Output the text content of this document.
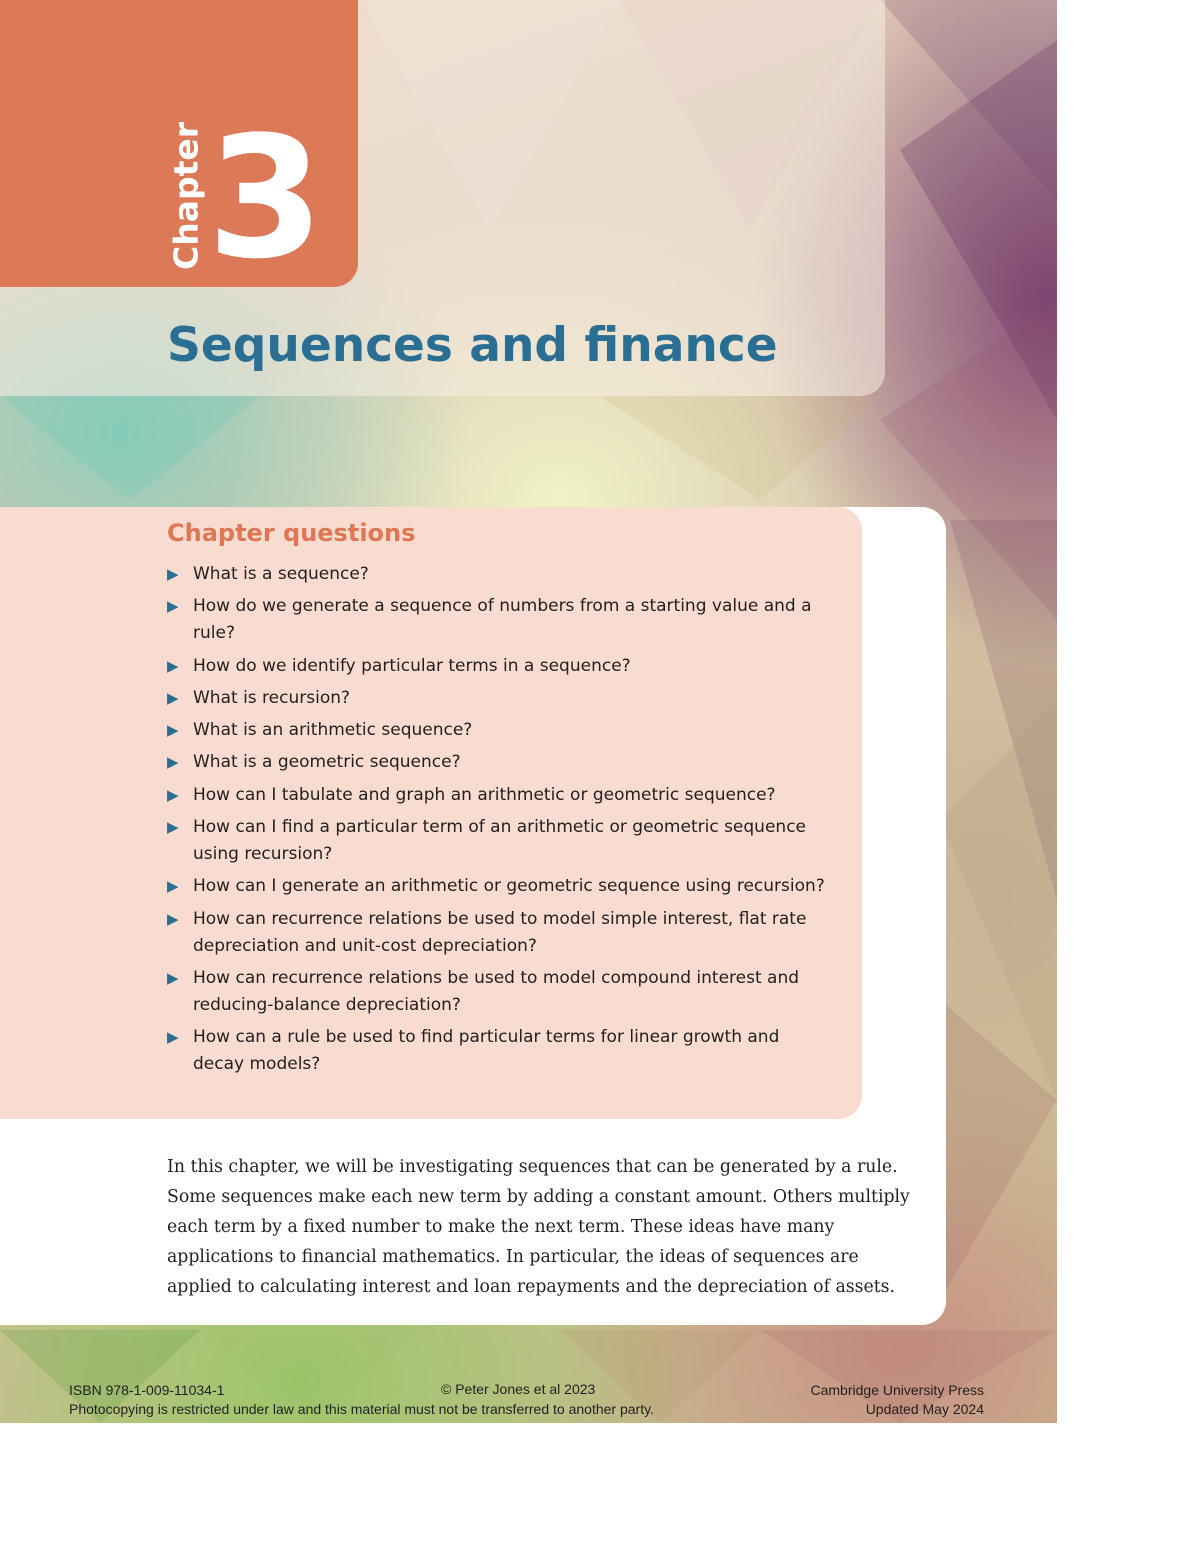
Chapter 3
Sequences and finance
Chapter questions
▶ What is a sequence?
▶ How do we generate a sequence of numbers from a starting value and a rule?
▶ How do we identify particular terms in a sequence?
▶ What is recursion?
▶ What is an arithmetic sequence?
▶ What is a geometric sequence?
▶ How can I tabulate and graph an arithmetic or geometric sequence?
▶ How can I find a particular term of an arithmetic or geometric sequence using recursion?
▶ How can I generate an arithmetic or geometric sequence using recursion?
▶ How can recurrence relations be used to model simple interest, flat rate depreciation and unit-cost depreciation?
▶ How can recurrence relations be used to model compound interest and reducing-balance depreciation?
▶ How can a rule be used to find particular terms for linear growth and decay models?

In this chapter, we will be investigating sequences that can be generated by a rule. Some sequences make each new term by adding a constant amount. Others multiply each term by a fixed number to make the next term. These ideas have many applications to financial mathematics. In particular, the ideas of sequences are applied to calculating interest and loan repayments and the depreciation of assets.

ISBN 978-1-009-11034-1	© Peter Jones et al 2023
Photocopying is restricted under law and this material must not be transferred to another party.
Cambridge University Press
Updated May 2024
